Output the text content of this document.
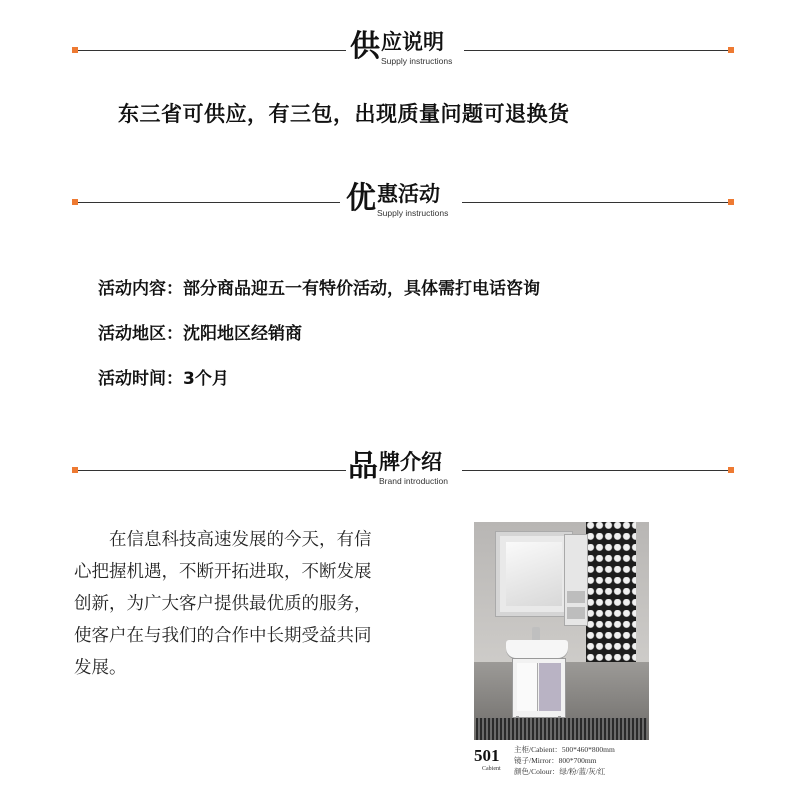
供 应说明
Supply instructions
东三省可供应，有三包，出现质量问题可退换货
优 惠活动
Supply instructions
活动内容：部分商品迎五一有特价活动，具体需打电话咨询
活动地区：沈阳地区经销商
活动时间：3个月
品 牌介绍
Brand introduction
　　在信息科技高速发展的今天，有信
心把握机遇，不断开拓进取，不断发展
创新，为广大客户提供最优质的服务，
使客户在与我们的合作中长期受益共同
发展。
501
Cabient
主柜/Cabient：500*460*800mm
镜子/Mirror：800*700mm
颜色/Colour：绿/粉/蓝/灰/红
